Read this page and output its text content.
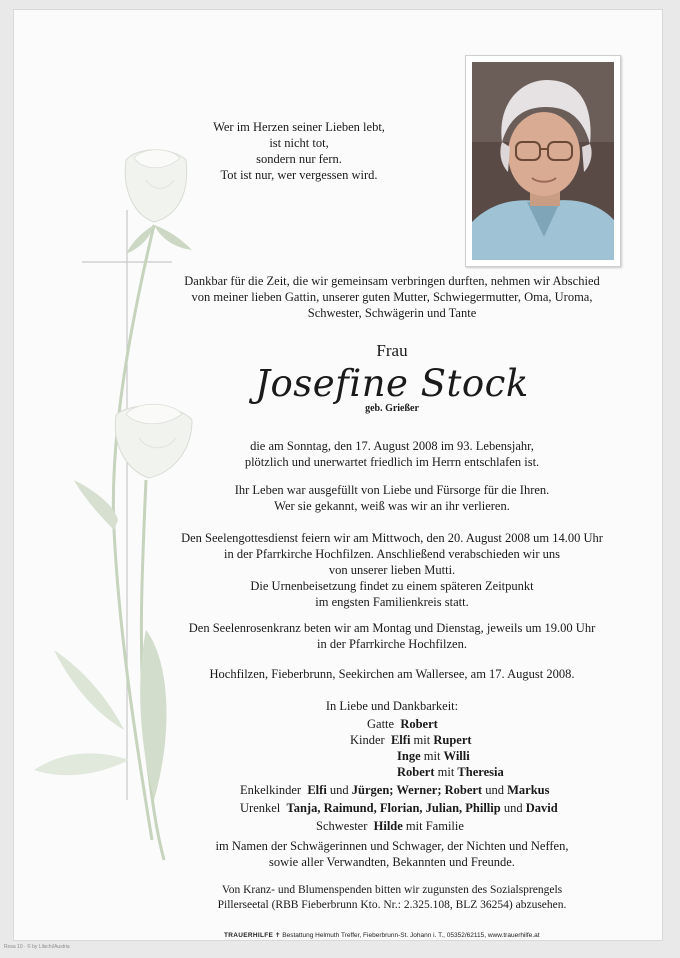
Wer im Herzen seiner Lieben lebt,
ist nicht tot,
sondern nur fern.
Tot ist nur, wer vergessen wird.
Dankbar für die Zeit, die wir gemeinsam verbringen durften, nehmen wir Abschied
von meiner lieben Gattin, unserer guten Mutter, Schwiegermutter, Oma, Uroma,
Schwester, Schwägerin und Tante
Frau
Josefine Stock
geb. Grießer
die am Sonntag, den 17. August 2008 im 93. Lebensjahr,
plötzlich und unerwartet friedlich im Herrn entschlafen ist.
Ihr Leben war ausgefüllt von Liebe und Fürsorge für die Ihren.
Wer sie gekannt, weiß was wir an ihr verlieren.
Den Seelengottesdienst feiern wir am Mittwoch, den 20. August 2008 um 14.00 Uhr
in der Pfarrkirche Hochfilzen. Anschließend verabschieden wir uns
von unserer lieben Mutti.
Die Urnenbeisetzung findet zu einem späteren Zeitpunkt
im engsten Familienkreis statt.
Den Seelenrosenkranz beten wir am Montag und Dienstag, jeweils um 19.00 Uhr
in der Pfarrkirche Hochfilzen.
Hochfilzen, Fieberbrunn, Seekirchen am Wallersee, am 17. August 2008.
In Liebe und Dankbarkeit:
Gatte Robert
Kinder Elfi mit Rupert
Inge mit Willi
Robert mit Theresia
Enkelkinder Elfi und Jürgen; Werner; Robert und Markus
Urenkel Tanja, Raimund, Florian, Julian, Phillip und David
Schwester Hilde mit Familie
im Namen der Schwägerinnen und Schwager, der Nichten und Neffen,
sowie aller Verwandten, Bekannten und Freunde.
Von Kranz- und Blumenspenden bitten wir zugunsten des Sozialsprengels
Pillerseetal (RBB Fieberbrunn Kto. Nr.: 2.325.108, BLZ 36254) abzusehen.
TRAUERHILFE ✝ Bestattung Helmuth Treffer, Fieberbrunn-St. Johann i. T., 05352/62115, www.trauerhilfe.at
Rosa 10 · © by Lilschi/Austria
